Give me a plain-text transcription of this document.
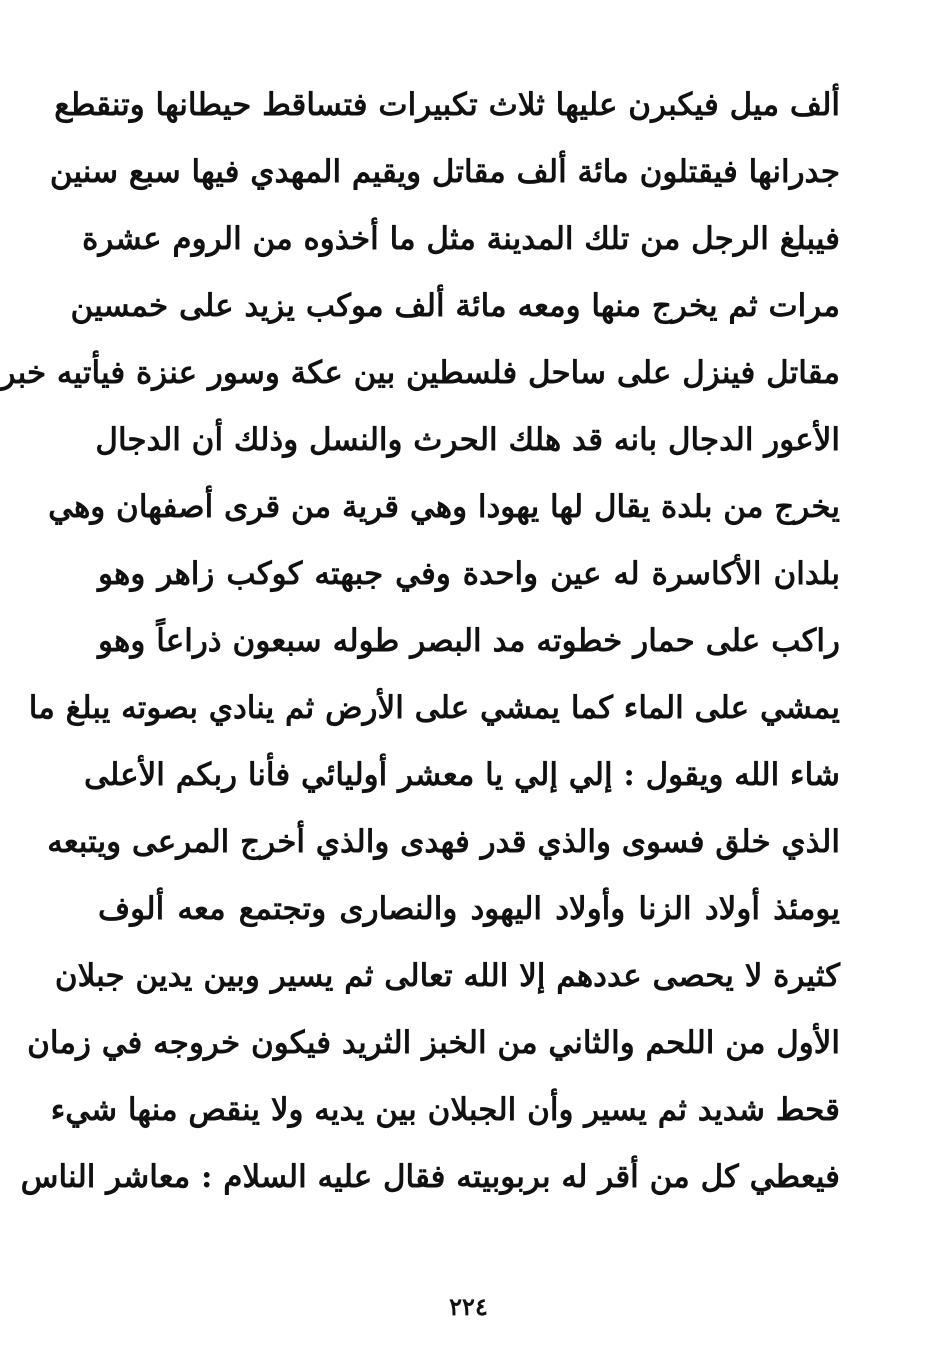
ألف ميل فيكبرن عليها ثلاث تكبيرات فتساقط حيطانها وتنقطع
جدرانها فيقتلون مائة ألف مقاتل ويقيم المهدي فيها سبع سنين
فيبلغ الرجل من تلك المدينة مثل ما أخذوه من الروم عشرة
مرات ثم يخرج منها ومعه مائة ألف موكب يزيد على خمسين
مقاتل فينزل على ساحل فلسطين بين عكة وسور عنزة فيأتيه خبر
الأعور الدجال بانه قد هلك الحرث والنسل وذلك أن الدجال
يخرج من بلدة يقال لها يهودا وهي قرية من قرى أصفهان وهي
بلدان الأكاسرة له عين واحدة وفي جبهته كوكب زاهر وهو
راكب على حمار خطوته مد البصر طوله سبعون ذراعاً وهو
يمشي على الماء كما يمشي على الأرض ثم ينادي بصوته يبلغ ما
شاء الله ويقول : إلي إلي يا معشر أوليائي فأنا ربكم الأعلى
الذي خلق فسوى والذي قدر فهدى والذي أخرج المرعى ويتبعه
يومئذ أولاد الزنا وأولاد اليهود والنصارى وتجتمع معه ألوف
كثيرة لا يحصى عددهم إلا الله تعالى ثم يسير وبين يدين جبلان
الأول من اللحم والثاني من الخبز الثريد فيكون خروجه في زمان
قحط شديد ثم يسير وأن الجبلان بين يديه ولا ينقص منها شيء
فيعطي كل من أقر له بربوبيته فقال عليه السلام : معاشر الناس
٢٢٤
